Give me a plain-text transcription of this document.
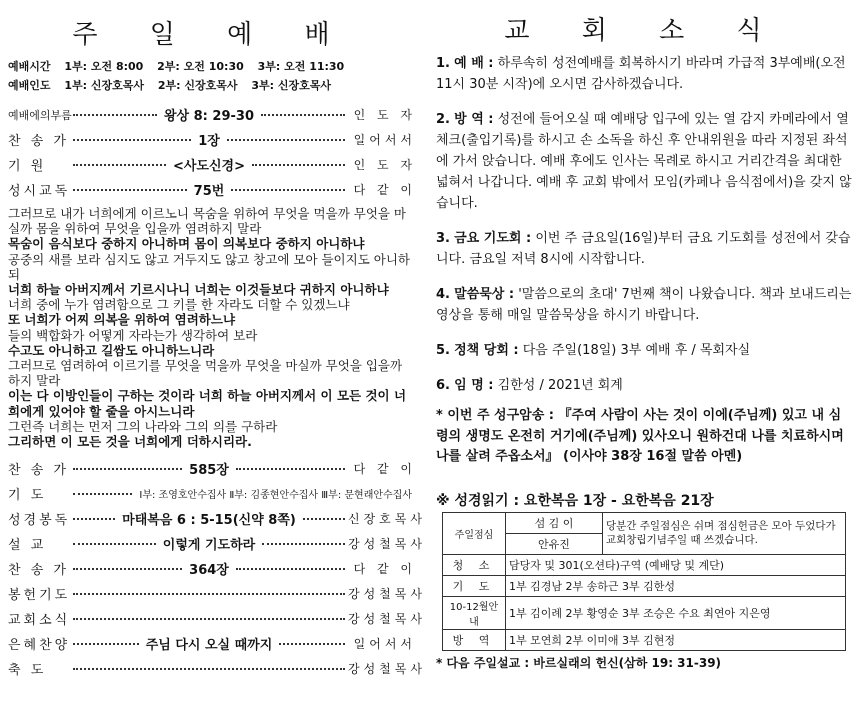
주 일 예 배
예배시간 1부: 오전 8:00 2부: 오전 10:30 3부: 오전 11:30
예배인도 1부: 신장호목사 2부: 신장호목사 3부: 신장호목사
예배에의부름	왕상 8: 29-30	인 도 자
찬 송 가	1장	일어서서
기 원	<사도신경>	인 도 자
성시교독	75번	다 같 이

그러므로 내가 너희에게 이르노니 목숨을 위하여 무엇을 먹을까 무엇을 마실까 몸을 위하여 무엇을 입을까 염려하지 말라

목숨이 음식보다 중하지 아니하며 몸이 의복보다 중하지 아니하냐

공중의 새를 보라 심지도 않고 거두지도 않고 창고에 모아 들이지도 아니하되

너희 하늘 아버지께서 기르시나니 너희는 이것들보다 귀하지 아니하냐

너희 중에 누가 염려함으로 그 키를 한 자라도 더할 수 있겠느냐

또 너희가 어찌 의복을 위하여 염려하느냐

들의 백합화가 어떻게 자라는가 생각하여 보라

수고도 아니하고 길쌈도 아니하느니라

그러므로 염려하여 이르기를 무엇을 먹을까 무엇을 마실까 무엇을 입을까 하지 말라

이는 다 이방인들이 구하는 것이라 너희 하늘 아버지께서 이 모든 것이 너희에게 있어야 할 줄을 아시느니라

그런즉 너희는 먼저 그의 나라와 그의 의를 구하라

그리하면 이 모든 것을 너희에게 더하시리라.

찬 송 가	585장	다 같 이
기 도	Ⅰ부: 조영호안수집사 Ⅱ부: 김종현안수집사 Ⅲ부: 문현래안수집사
성경봉독	마태복음 6 : 5-15(신약 8쪽)	신장호목사
설 교	이렇게 기도하라	강성철목사
찬 송 가	364장	다 같 이
봉헌기도	강성철목사
교회소식	강성철목사
은혜찬양	주님 다시 오실 때까지	일어서서
축 도	강성철목사
교 회 소 식
1. 예 배 : 하루속히 성전예배를 회복하시기 바라며 가급적 3부예배(오전 11시 30분 시작)에 오시면 감사하겠습니다.
2. 방 역 : 성전에 들어오실 때 예배당 입구에 있는 열 감지 카메라에서 열 체크(출입기록)를 하시고 손 소독을 하신 후 안내위원을 따라 지정된 좌석에 가서 앉습니다. 예배 후에도 인사는 목례로 하시고 거리간격을 최대한 넓혀서 나갑니다. 예배 후 교회 밖에서 모임(카페나 음식점에서)을 갖지 않습니다.
3. 금요 기도회 : 이번 주 금요일(16일)부터 금요 기도회를 성전에서 갖습니다. 금요일 저녁 8시에 시작합니다.
4. 말씀묵상 : '말씀으로의 초대' 7번째 책이 나왔습니다. 책과 보내드리는 영상을 통해 매일 말씀묵상을 하시기 바랍니다.
5. 정책 당회 : 다음 주일(18일) 3부 예배 후 / 목회자실
6. 임 명 : 김한성 / 2021년 회계
* 이번 주 성구암송 : 『주여 사람이 사는 것이 이에(주님께) 있고 내 심령의 생명도 온전히 거기에(주님께) 있사오니 원하건대 나를 치료하시며 나를 살려 주옵소서』 (이사야 38장 16절 말씀 아멘)
※ 성경읽기 : 요한복음 1장 - 요한복음 21장
주일점심	섬 김 이	당분간 주일점심은 쉬며 점심헌금은 모아 두었다가 교회창립기념주일 때 쓰겠습니다.
	안유진	
청 소	담당자 및 301(오션타)구역 (예배당 및 계단)	
기 도	1부 김경남 2부 송하근 3부 김한성	
10-12월안내	1부 김이례 2부 황영순 3부 조승은 수요 최연아 지은영	
방 역	1부 모연희 2부 이미애 3부 김현정	
* 다음 주일설교 : 바르실래의 헌신(삼하 19: 31-39)
